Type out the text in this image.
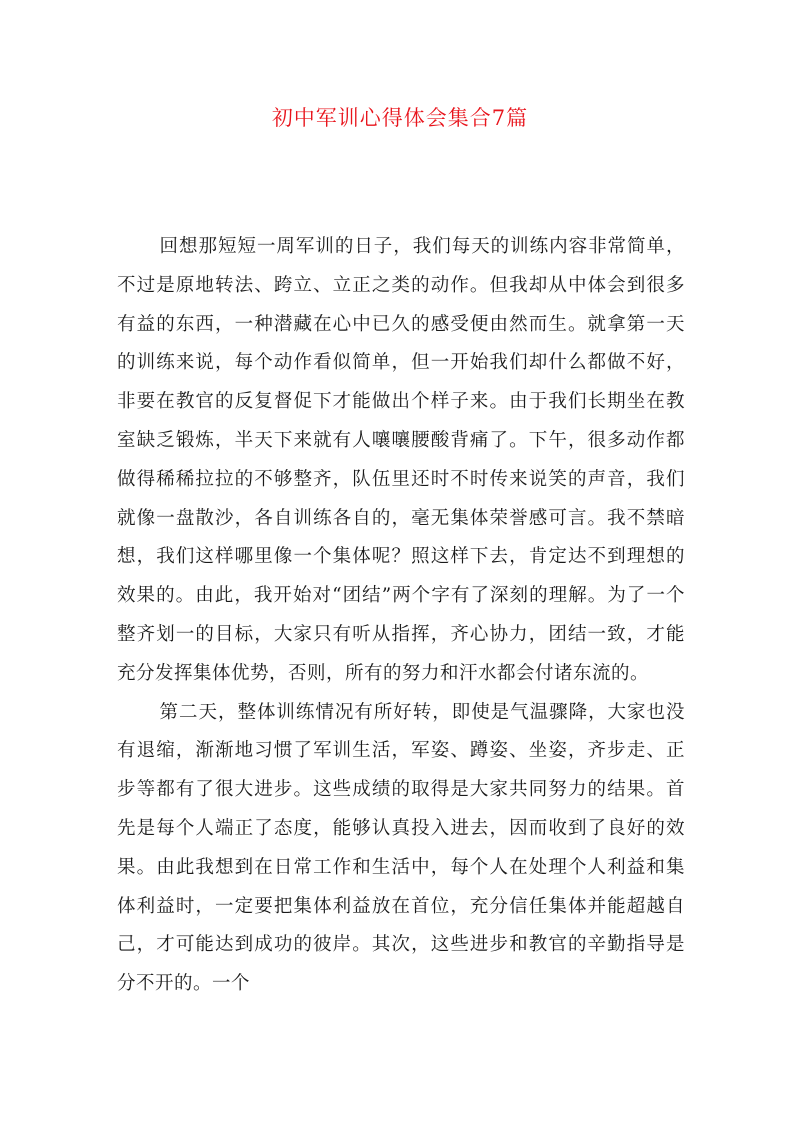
初中军训心得体会集合7篇

回想那短短一周军训的日子，我们每天的训练内容非常简单，不过是原地转法、跨立、立正之类的动作。但我却从中体会到很多有益的东西，一种潜藏在心中已久的感受便由然而生。就拿第一天的训练来说，每个动作看似简单，但一开始我们却什么都做不好，非要在教官的反复督促下才能做出个样子来。由于我们长期坐在教室缺乏锻炼，半天下来就有人嚷嚷腰酸背痛了。下午，很多动作都做得稀稀拉拉的不够整齐，队伍里还时不时传来说笑的声音，我们就像一盘散沙，各自训练各自的，毫无集体荣誉感可言。我不禁暗想，我们这样哪里像一个集体呢？照这样下去，肯定达不到理想的效果的。由此，我开始对“团结”两个字有了深刻的理解。为了一个整齐划一的目标，大家只有听从指挥，齐心协力，团结一致，才能充分发挥集体优势，否则，所有的努力和汗水都会付诸东流的。

第二天，整体训练情况有所好转，即使是气温骤降，大家也没有退缩，渐渐地习惯了军训生活，军姿、蹲姿、坐姿，齐步走、正步等都有了很大进步。这些成绩的取得是大家共同努力的结果。首先是每个人端正了态度，能够认真投入进去，因而收到了良好的效果。由此我想到在日常工作和生活中，每个人在处理个人利益和集体利益时，一定要把集体利益放在首位，充分信任集体并能超越自己，才可能达到成功的彼岸。其次，这些进步和教官的辛勤指导是分不开的。一个
